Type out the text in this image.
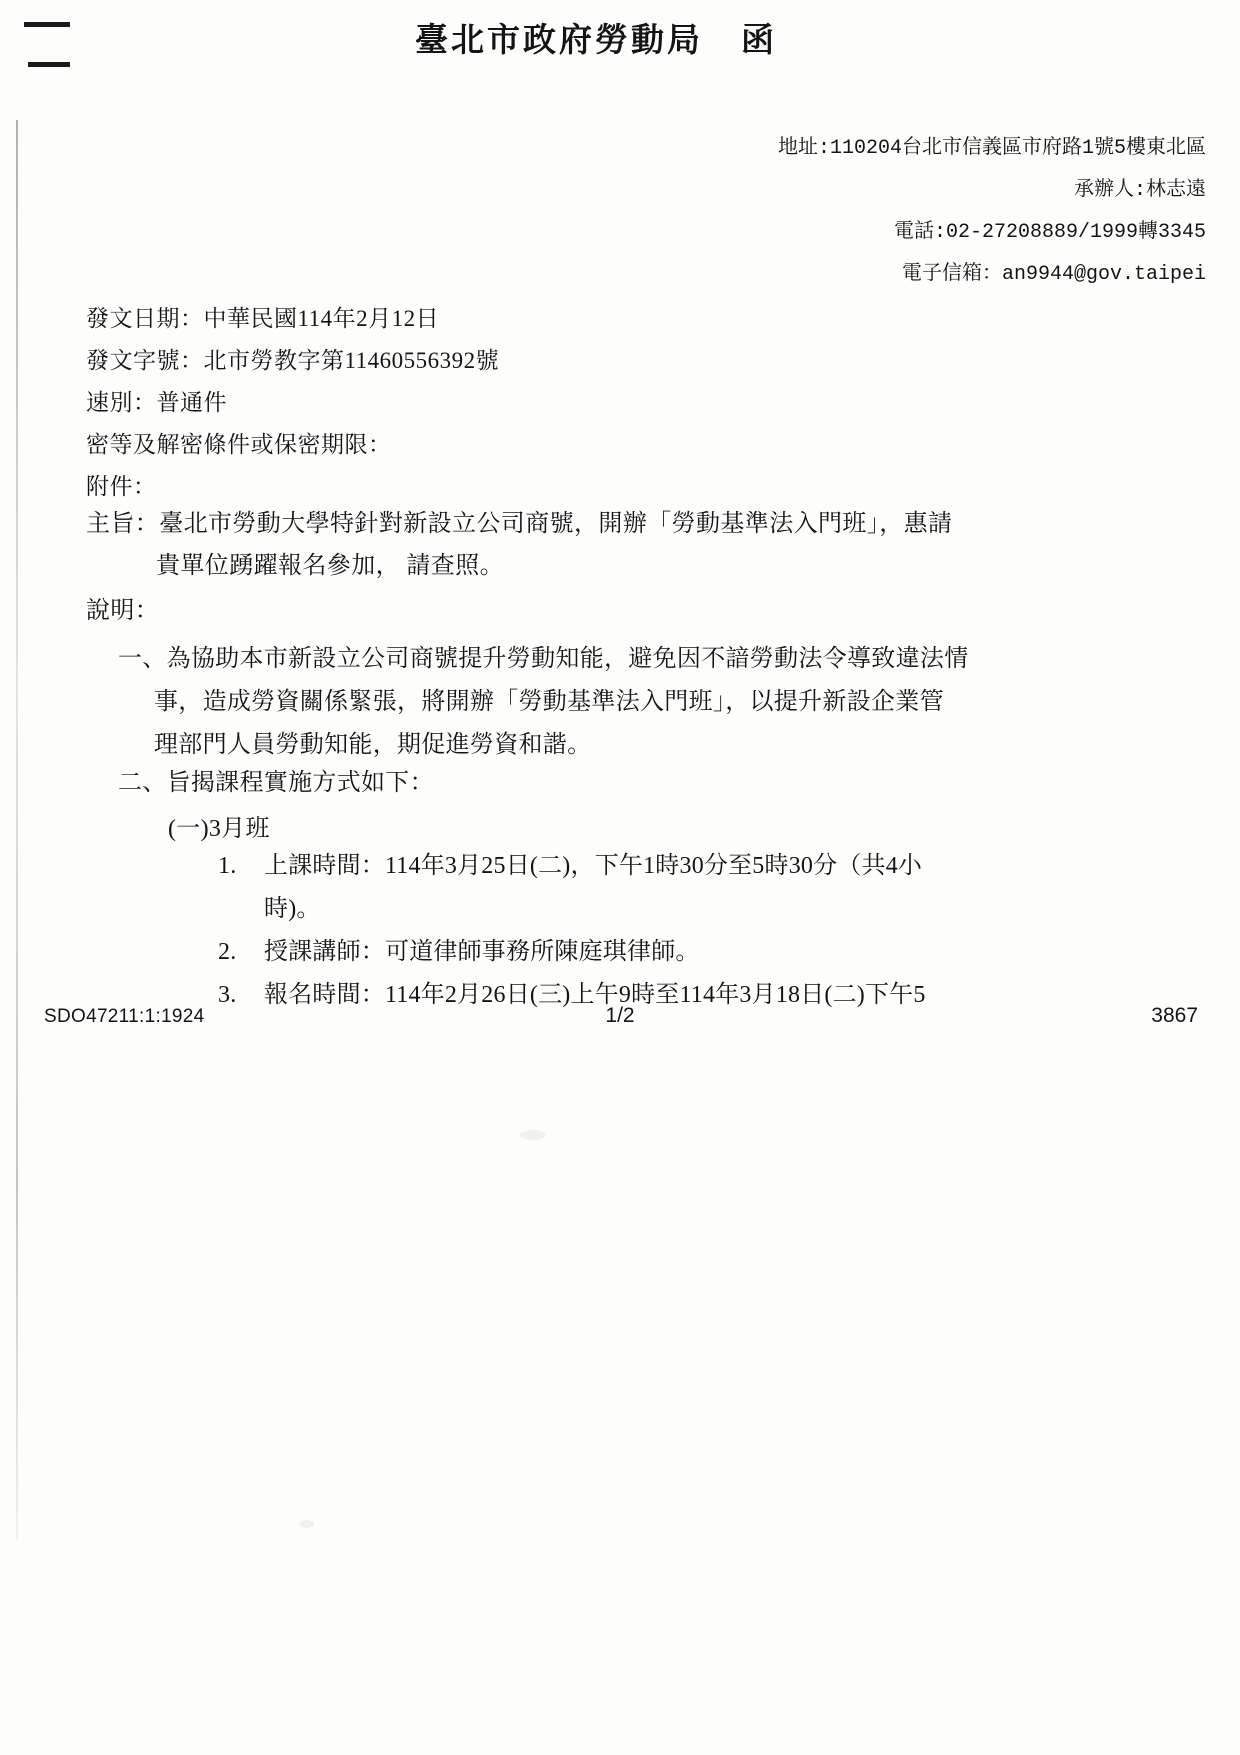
臺北市政府勞動局 函
地址:110204台北市信義區市府路1號5樓東北區
承辦人:林志遠
電話:02-27208889/1999轉3345
電子信箱：an9944@gov.taipei
發文日期：中華民國114年2月12日
發文字號：北市勞教字第11460556392號
速別：普通件
密等及解密條件或保密期限：
附件：
主旨：臺北市勞動大學特針對新設立公司商號，開辦「勞動基準法入門班」，惠請
貴單位踴躍報名參加， 請查照。
說明：
一、為協助本市新設立公司商號提升勞動知能，避免因不諳勞動法令導致違法情
事，造成勞資關係緊張，將開辦「勞動基準法入門班」，以提升新設企業管
理部門人員勞動知能，期促進勞資和諧。
二、旨揭課程實施方式如下：
(一)3月班
1.	上課時間：114年3月25日(二)，下午1時30分至5時30分（共4小
時)。
2.	授課講師：可道律師事務所陳庭琪律師。
3.	報名時間：114年2月26日(三)上午9時至114年3月18日(二)下午5
SDO47211:1:1924	1/2	3867
